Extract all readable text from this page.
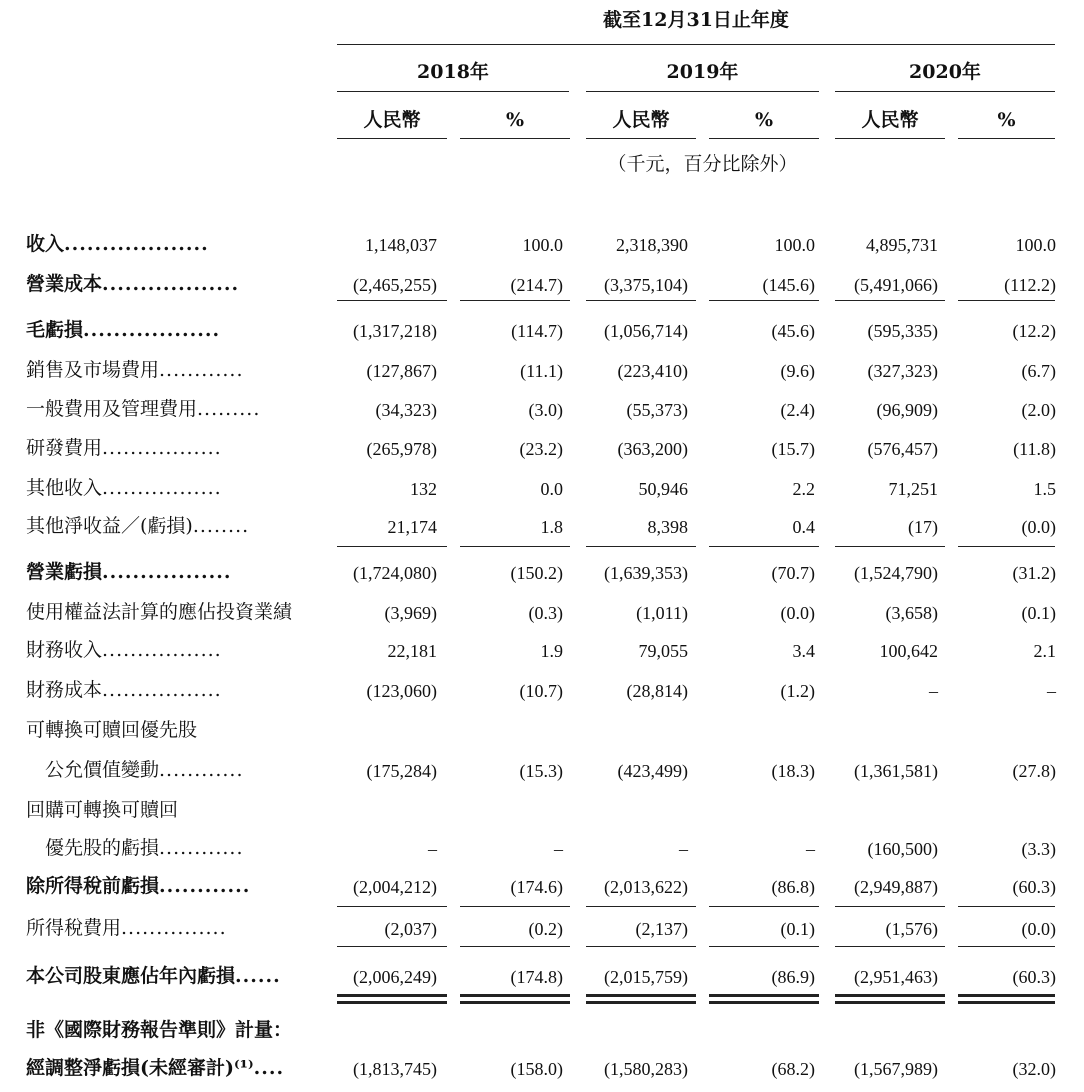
截至12月31日止年度
2018年	2019年	2020年
人民幣	%	人民幣	%	人民幣	%
（千元，百分比除外）
收入...................	1,148,037	100.0	2,318,390	100.0	4,895,731	100.0
營業成本..................	(2,465,255)	(214.7) (3,375,104)	(145.6) (5,491,066)	(112.2)
毛虧損..................	(1,317,218)	(114.7) (1,056,714)	(45.6)	(595,335)	(12.2)
銷售及市場費用............	(127,867)	(11.1)	(223,410)	(9.6)	(327,323)	(6.7)
一般費用及管理費用.........	(34,323)	(3.0)	(55,373)	(2.4)	(96,909)	(2.0)
研發費用.................	(265,978)	(23.2)	(363,200)	(15.7)	(576,457)	(11.8)
其他收入.................	132	0.0	50,946	2.2	71,251	1.5
其他淨收益／(虧損)........	21,174	1.8	8,398	0.4	(17)	(0.0)
營業虧損.................	(1,724,080)	(150.2) (1,639,353)	(70.7) (1,524,790)	(31.2)
使用權益法計算的應佔投資業績	(3,969)	(0.3)	(1,011)	(0.0)	(3,658)	(0.1)
財務收入.................	22,181	1.9	79,055	3.4	100,642	2.1
財務成本.................	(123,060)	(10.7)	(28,814)	(1.2)	–	–
可轉換可贖回優先股
　公允價值變動............	(175,284)	(15.3)	(423,499)	(18.3) (1,361,581)	(27.8)
回購可轉換可贖回
　優先股的虧損............	–	–	–	–	(160,500)	(3.3)
除所得稅前虧損............	(2,004,212)	(174.6) (2,013,622)	(86.8) (2,949,887)	(60.3)
所得稅費用...............	(2,037)	(0.2)	(2,137)	(0.1)	(1,576)	(0.0)
本公司股東應佔年內虧損......	(2,006,249)	(174.8) (2,015,759)	(86.9) (2,951,463)	(60.3)
非《國際財務報告準則》計量：
經調整淨虧損(未經審計)⁽¹⁾....	(1,813,745)	(158.0) (1,580,283)	(68.2) (1,567,989)	(32.0)
